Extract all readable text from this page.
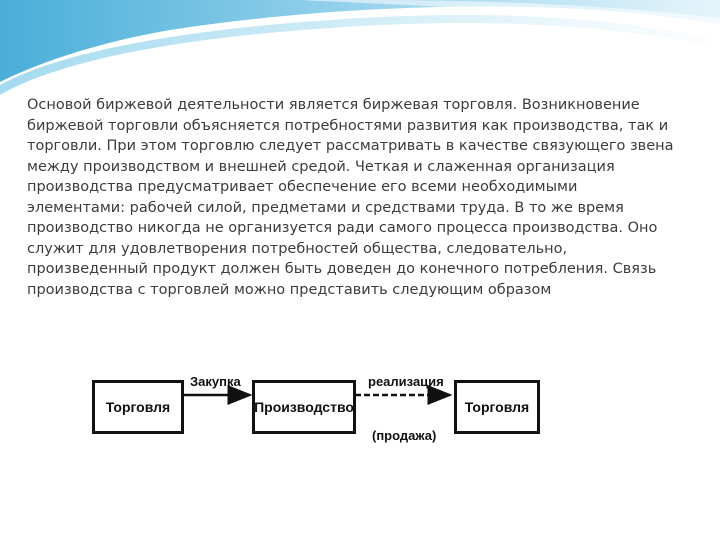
Основой биржевой деятельности является биржевая торговля. Возникновение биржевой торговли объясняется потребностями развития как производства, так и торговли. При этом торговлю следует рассматривать в качестве связующего звена между производством и внешней средой. Четкая и слаженная организация производства предусматривает обеспечение его всеми необходимыми элементами: рабочей силой, предметами и средствами труда. В то же время производство никогда не организуется ради самого процесса производства. Оно служит для удовлетворения потребностей общества, следовательно, произведенный продукт должен быть доведен до конечного потребления. Связь производства с торговлей можно представить следующим образом

Торговля	Производство	Торговля
Закупка	реализация
(продажа)
